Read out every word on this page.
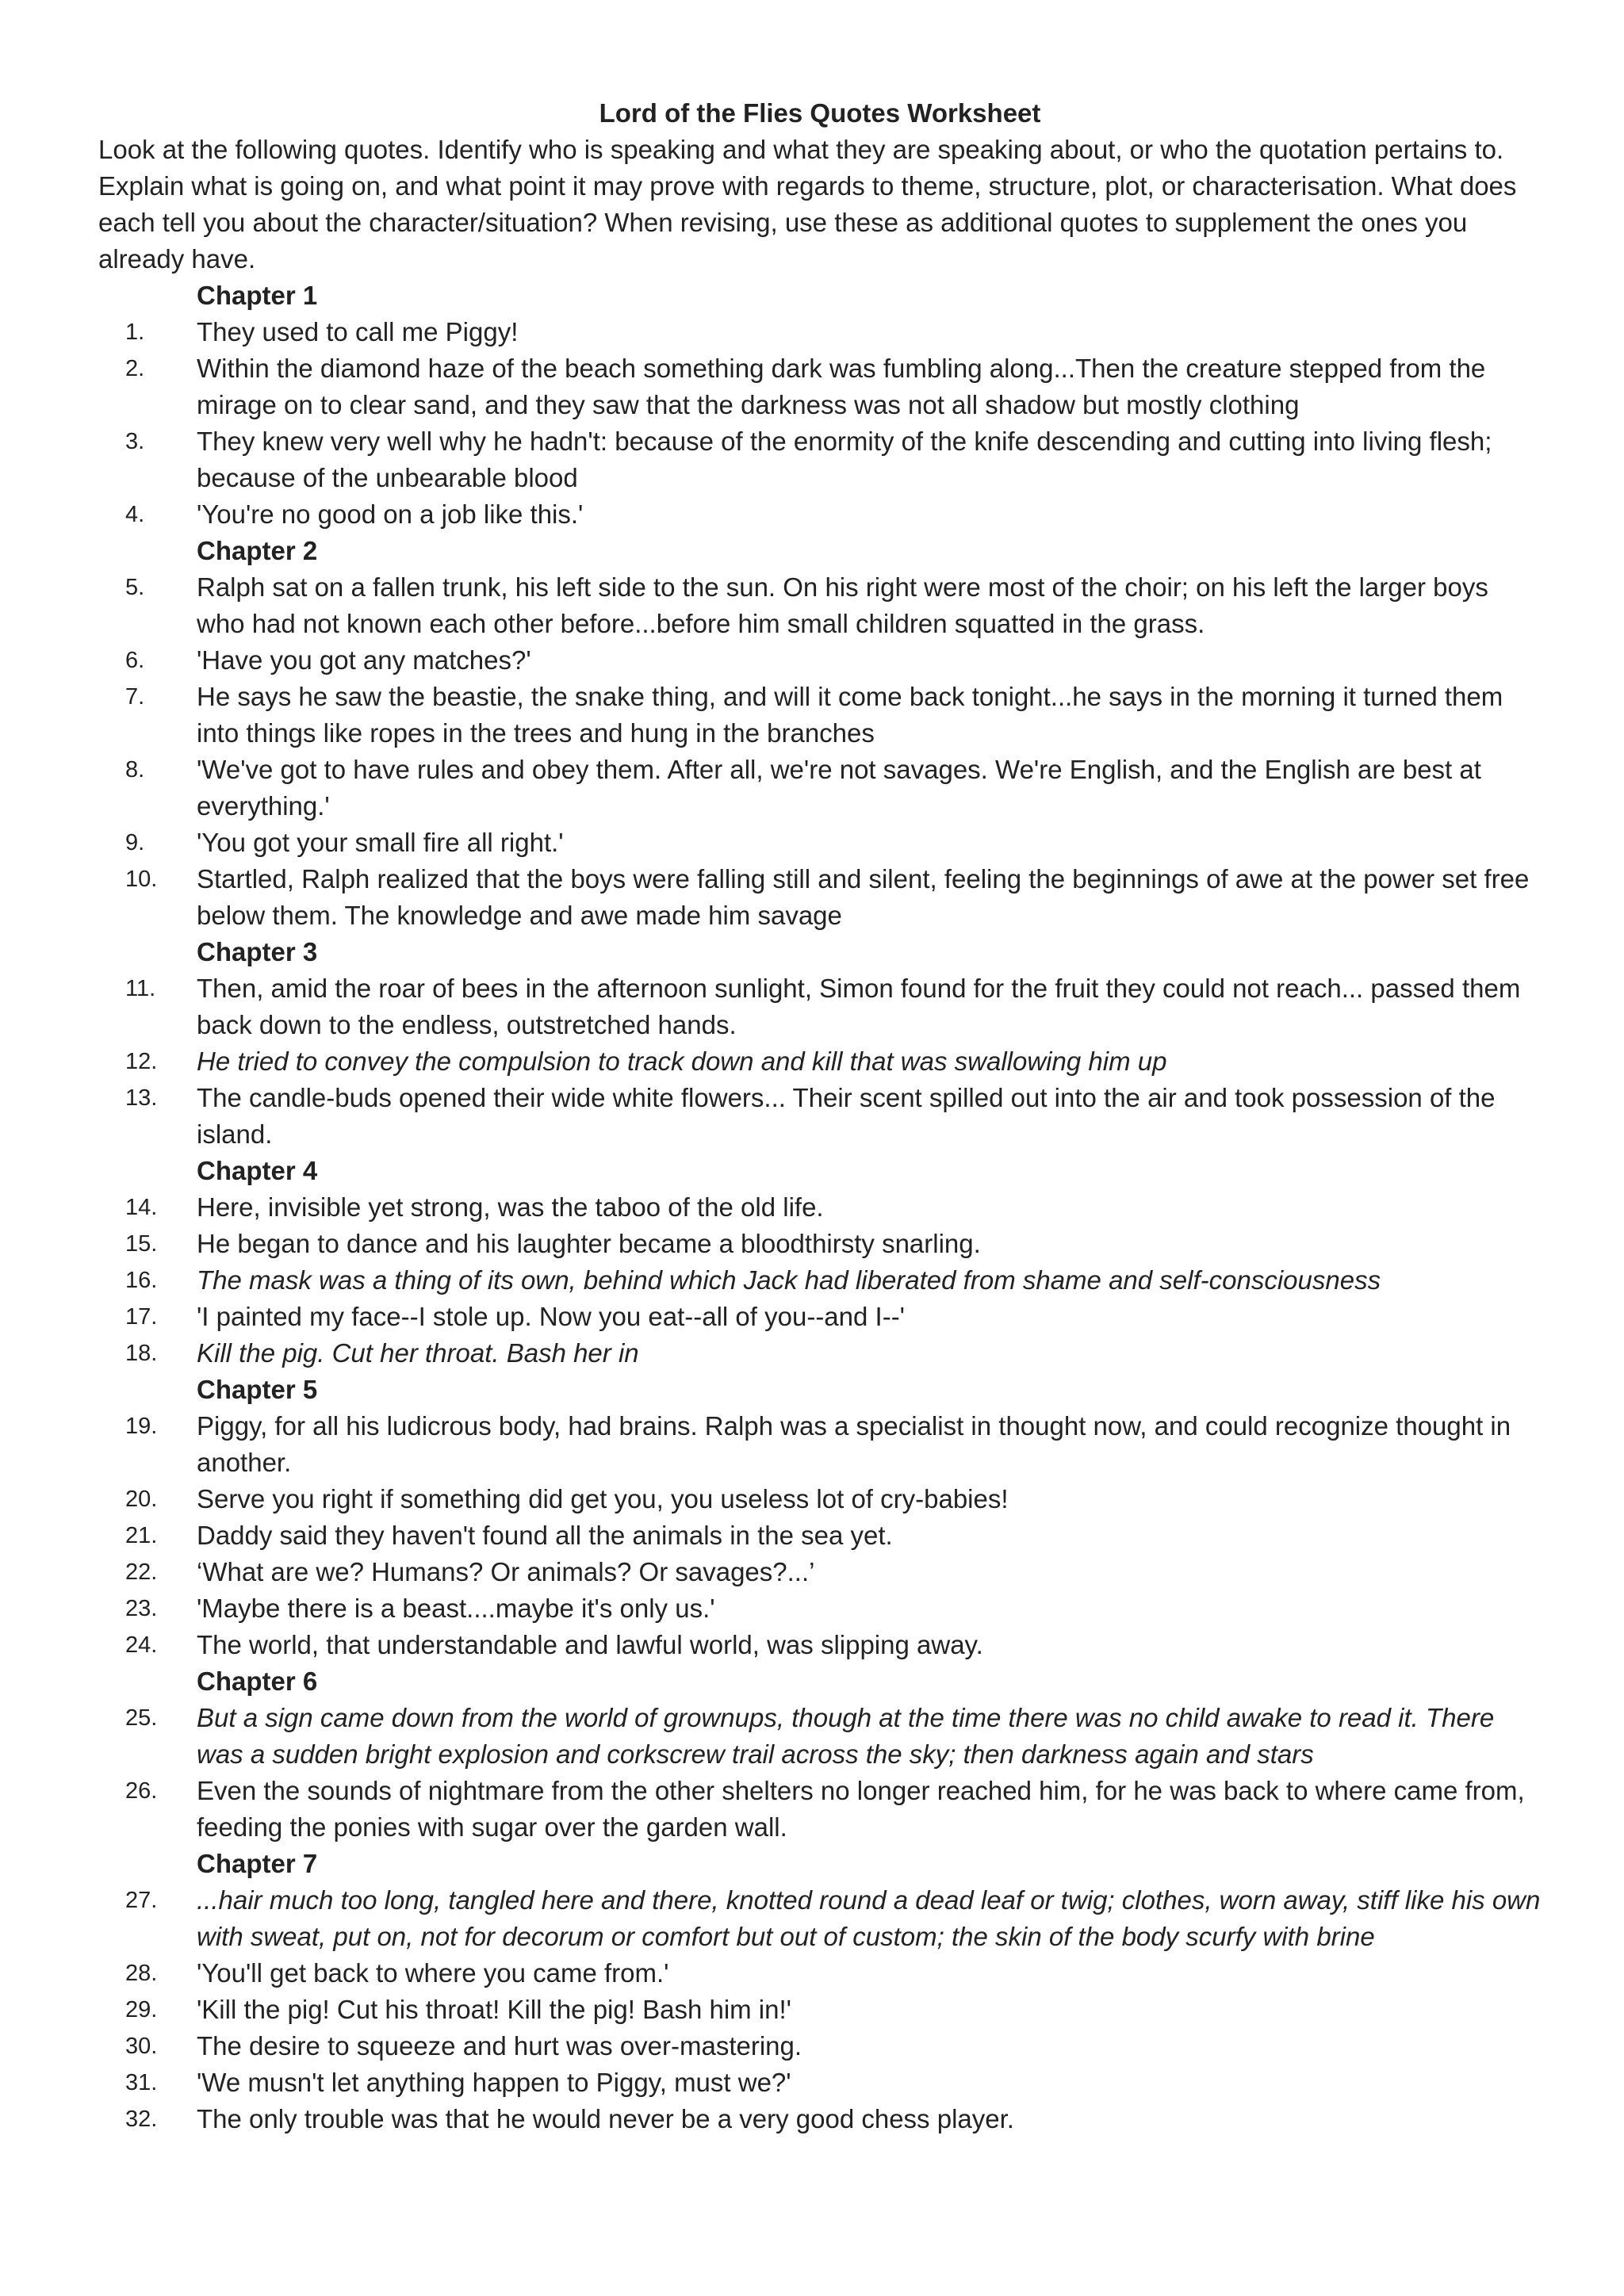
Lord of the Flies Quotes Worksheet

Look at the following quotes. Identify who is speaking and what they are speaking about, or who the quotation pertains to. Explain what is going on, and what point it may prove with regards to theme, structure, plot, or characterisation. What does each tell you about the character/situation? When revising, use these as additional quotes to supplement the ones you already have.

Chapter 1
1.	They used to call me Piggy!
2.	Within the diamond haze of the beach something dark was fumbling along...Then the creature stepped from the mirage on to clear sand, and they saw that the darkness was not all shadow but mostly clothing
3.	They knew very well why he hadn't: because of the enormity of the knife descending and cutting into living flesh; because of the unbearable blood
4.	'You're no good on a job like this.'
Chapter 2
5.	Ralph sat on a fallen trunk, his left side to the sun. On his right were most of the choir; on his left the larger boys who had not known each other before...before him small children squatted in the grass.
6.	'Have you got any matches?'
7.	He says he saw the beastie, the snake thing, and will it come back tonight...he says in the morning it turned them into things like ropes in the trees and hung in the branches
8.	'We've got to have rules and obey them. After all, we're not savages. We're English, and the English are best at everything.'
9.	'You got your small fire all right.'
10.	Startled, Ralph realized that the boys were falling still and silent, feeling the beginnings of awe at the power set free below them. The knowledge and awe made him savage
Chapter 3
11.	Then, amid the roar of bees in the afternoon sunlight, Simon found for the fruit they could not reach... passed them back down to the endless, outstretched hands.
12.	He tried to convey the compulsion to track down and kill that was swallowing him up
13.	The candle-buds opened their wide white flowers... Their scent spilled out into the air and took possession of the island.
Chapter 4
14.	Here, invisible yet strong, was the taboo of the old life.
15.	He began to dance and his laughter became a bloodthirsty snarling.
16.	The mask was a thing of its own, behind which Jack had liberated from shame and self-consciousness
17.	'I painted my face--I stole up. Now you eat--all of you--and I--'
18.	Kill the pig. Cut her throat. Bash her in
Chapter 5
19.	Piggy, for all his ludicrous body, had brains. Ralph was a specialist in thought now, and could recognize thought in another.
20.	Serve you right if something did get you, you useless lot of cry-babies!
21.	Daddy said they haven't found all the animals in the sea yet.
22.	‘What are we? Humans? Or animals? Or savages?...’
23.	'Maybe there is a beast....maybe it's only us.'
24.	The world, that understandable and lawful world, was slipping away.
Chapter 6
25.	But a sign came down from the world of grownups, though at the time there was no child awake to read it. There was a sudden bright explosion and corkscrew trail across the sky; then darkness again and stars
26.	Even the sounds of nightmare from the other shelters no longer reached him, for he was back to where came from, feeding the ponies with sugar over the garden wall.
Chapter 7
27.	...hair much too long, tangled here and there, knotted round a dead leaf or twig; clothes, worn away, stiff like his own with sweat, put on, not for decorum or comfort but out of custom; the skin of the body scurfy with brine
28.	'You'll get back to where you came from.'
29.	'Kill the pig! Cut his throat! Kill the pig! Bash him in!'
30.	The desire to squeeze and hurt was over-mastering.
31.	'We musn't let anything happen to Piggy, must we?'
32.	The only trouble was that he would never be a very good chess player.
